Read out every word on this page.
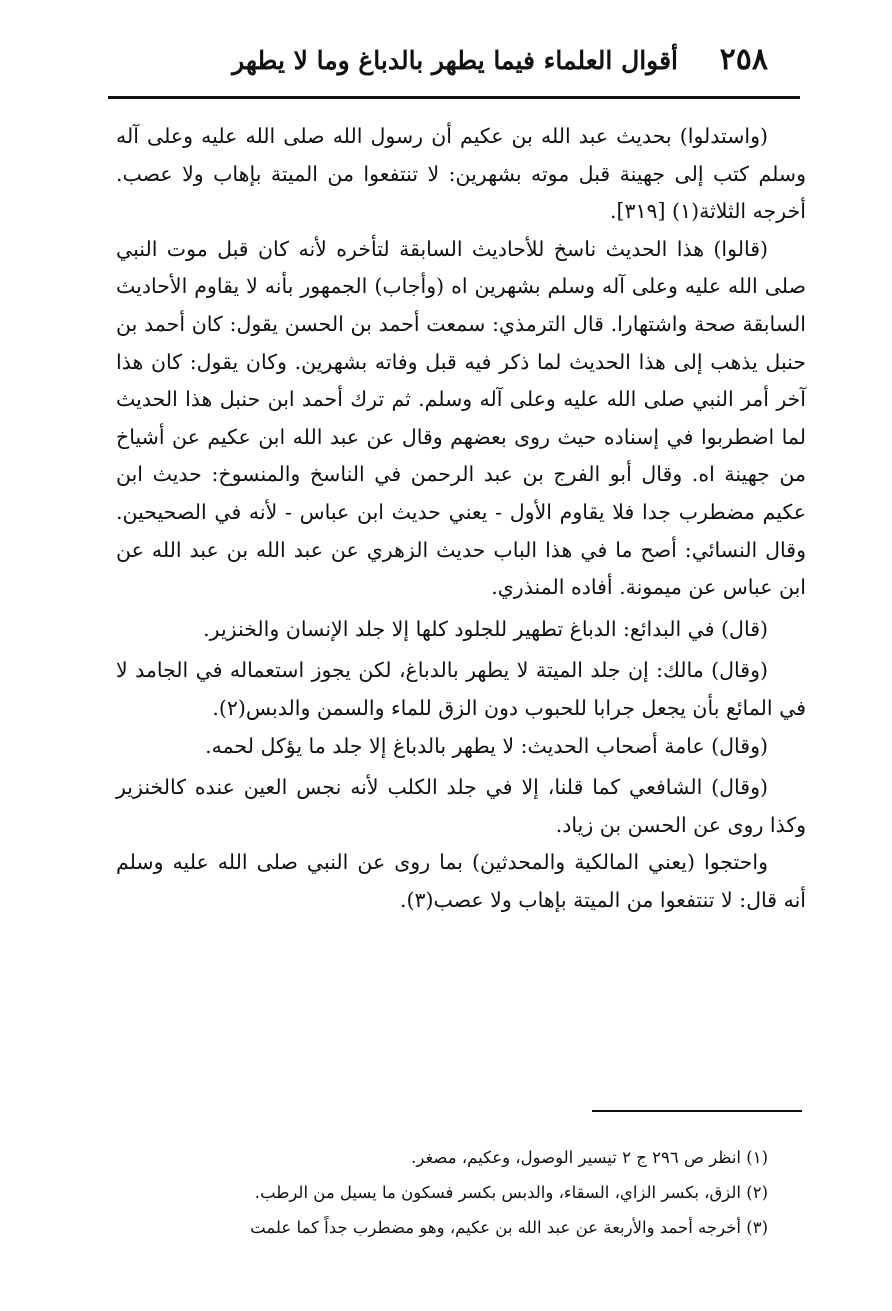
٢٥٨
أقوال العلماء فيما يطهر بالدباغ وما لا يطهر

(واستدلوا) بحديث عبد الله بن عكيم أن رسول الله صلى الله عليه وعلى آله وسلم كتب إلى جهينة قبل موته بشهرين: لا تنتفعوا من الميتة بإهاب ولا عصب. أخرجه الثلاثة(١) [٣١٩].

(قالوا) هذا الحديث ناسخ للأحاديث السابقة لتأخره لأنه كان قبل موت النبي صلى الله عليه وعلى آله وسلم بشهرين اه (وأجاب) الجمهور بأنه لا يقاوم الأحاديث السابقة صحة واشتهارا. قال الترمذي: سمعت أحمد بن الحسن يقول: كان أحمد بن حنبل يذهب إلى هذا الحديث لما ذكر فيه قبل وفاته بشهرين. وكان يقول: كان هذا آخر أمر النبي صلى الله عليه وعلى آله وسلم. ثم ترك أحمد ابن حنبل هذا الحديث لما اضطربوا في إسناده حيث روى بعضهم وقال عن عبد الله ابن عكيم عن أشياخ من جهينة اه. وقال أبو الفرج بن عبد الرحمن في الناسخ والمنسوخ: حديث ابن عكيم مضطرب جدا فلا يقاوم الأول - يعني حديث ابن عباس - لأنه في الصحيحين. وقال النسائي: أصح ما في هذا الباب حديث الزهري عن عبد الله بن عبد الله عن ابن عباس عن ميمونة. أفاده المنذري.

(قال) في البدائع: الدباغ تطهير للجلود كلها إلا جلد الإنسان والخنزير.

(وقال) مالك: إن جلد الميتة لا يطهر بالدباغ، لكن يجوز استعماله في الجامد لا في المائع بأن يجعل جرابا للحبوب دون الزق للماء والسمن والدبس(٢).

(وقال) عامة أصحاب الحديث: لا يطهر بالدباغ إلا جلد ما يؤكل لحمه.

(وقال) الشافعي كما قلنا، إلا في جلد الكلب لأنه نجس العين عنده كالخنزير وكذا روى عن الحسن بن زياد.

واحتجوا (يعني المالكية والمحدثين) بما روى عن النبي صلى الله عليه وسلم أنه قال: لا تنتفعوا من الميتة بإهاب ولا عصب(٣).

(١) انظر ص ٢٩٦ ج ٢ تيسير الوصول، وعكيم، مصغر.
(٢) الزق، بكسر الزاي، السقاء، والدبس بكسر فسكون ما يسيل من الرطب.
(٣) أخرجه أحمد والأربعة عن عبد الله بن عكيم، وهو مضطرب جداً كما علمت
